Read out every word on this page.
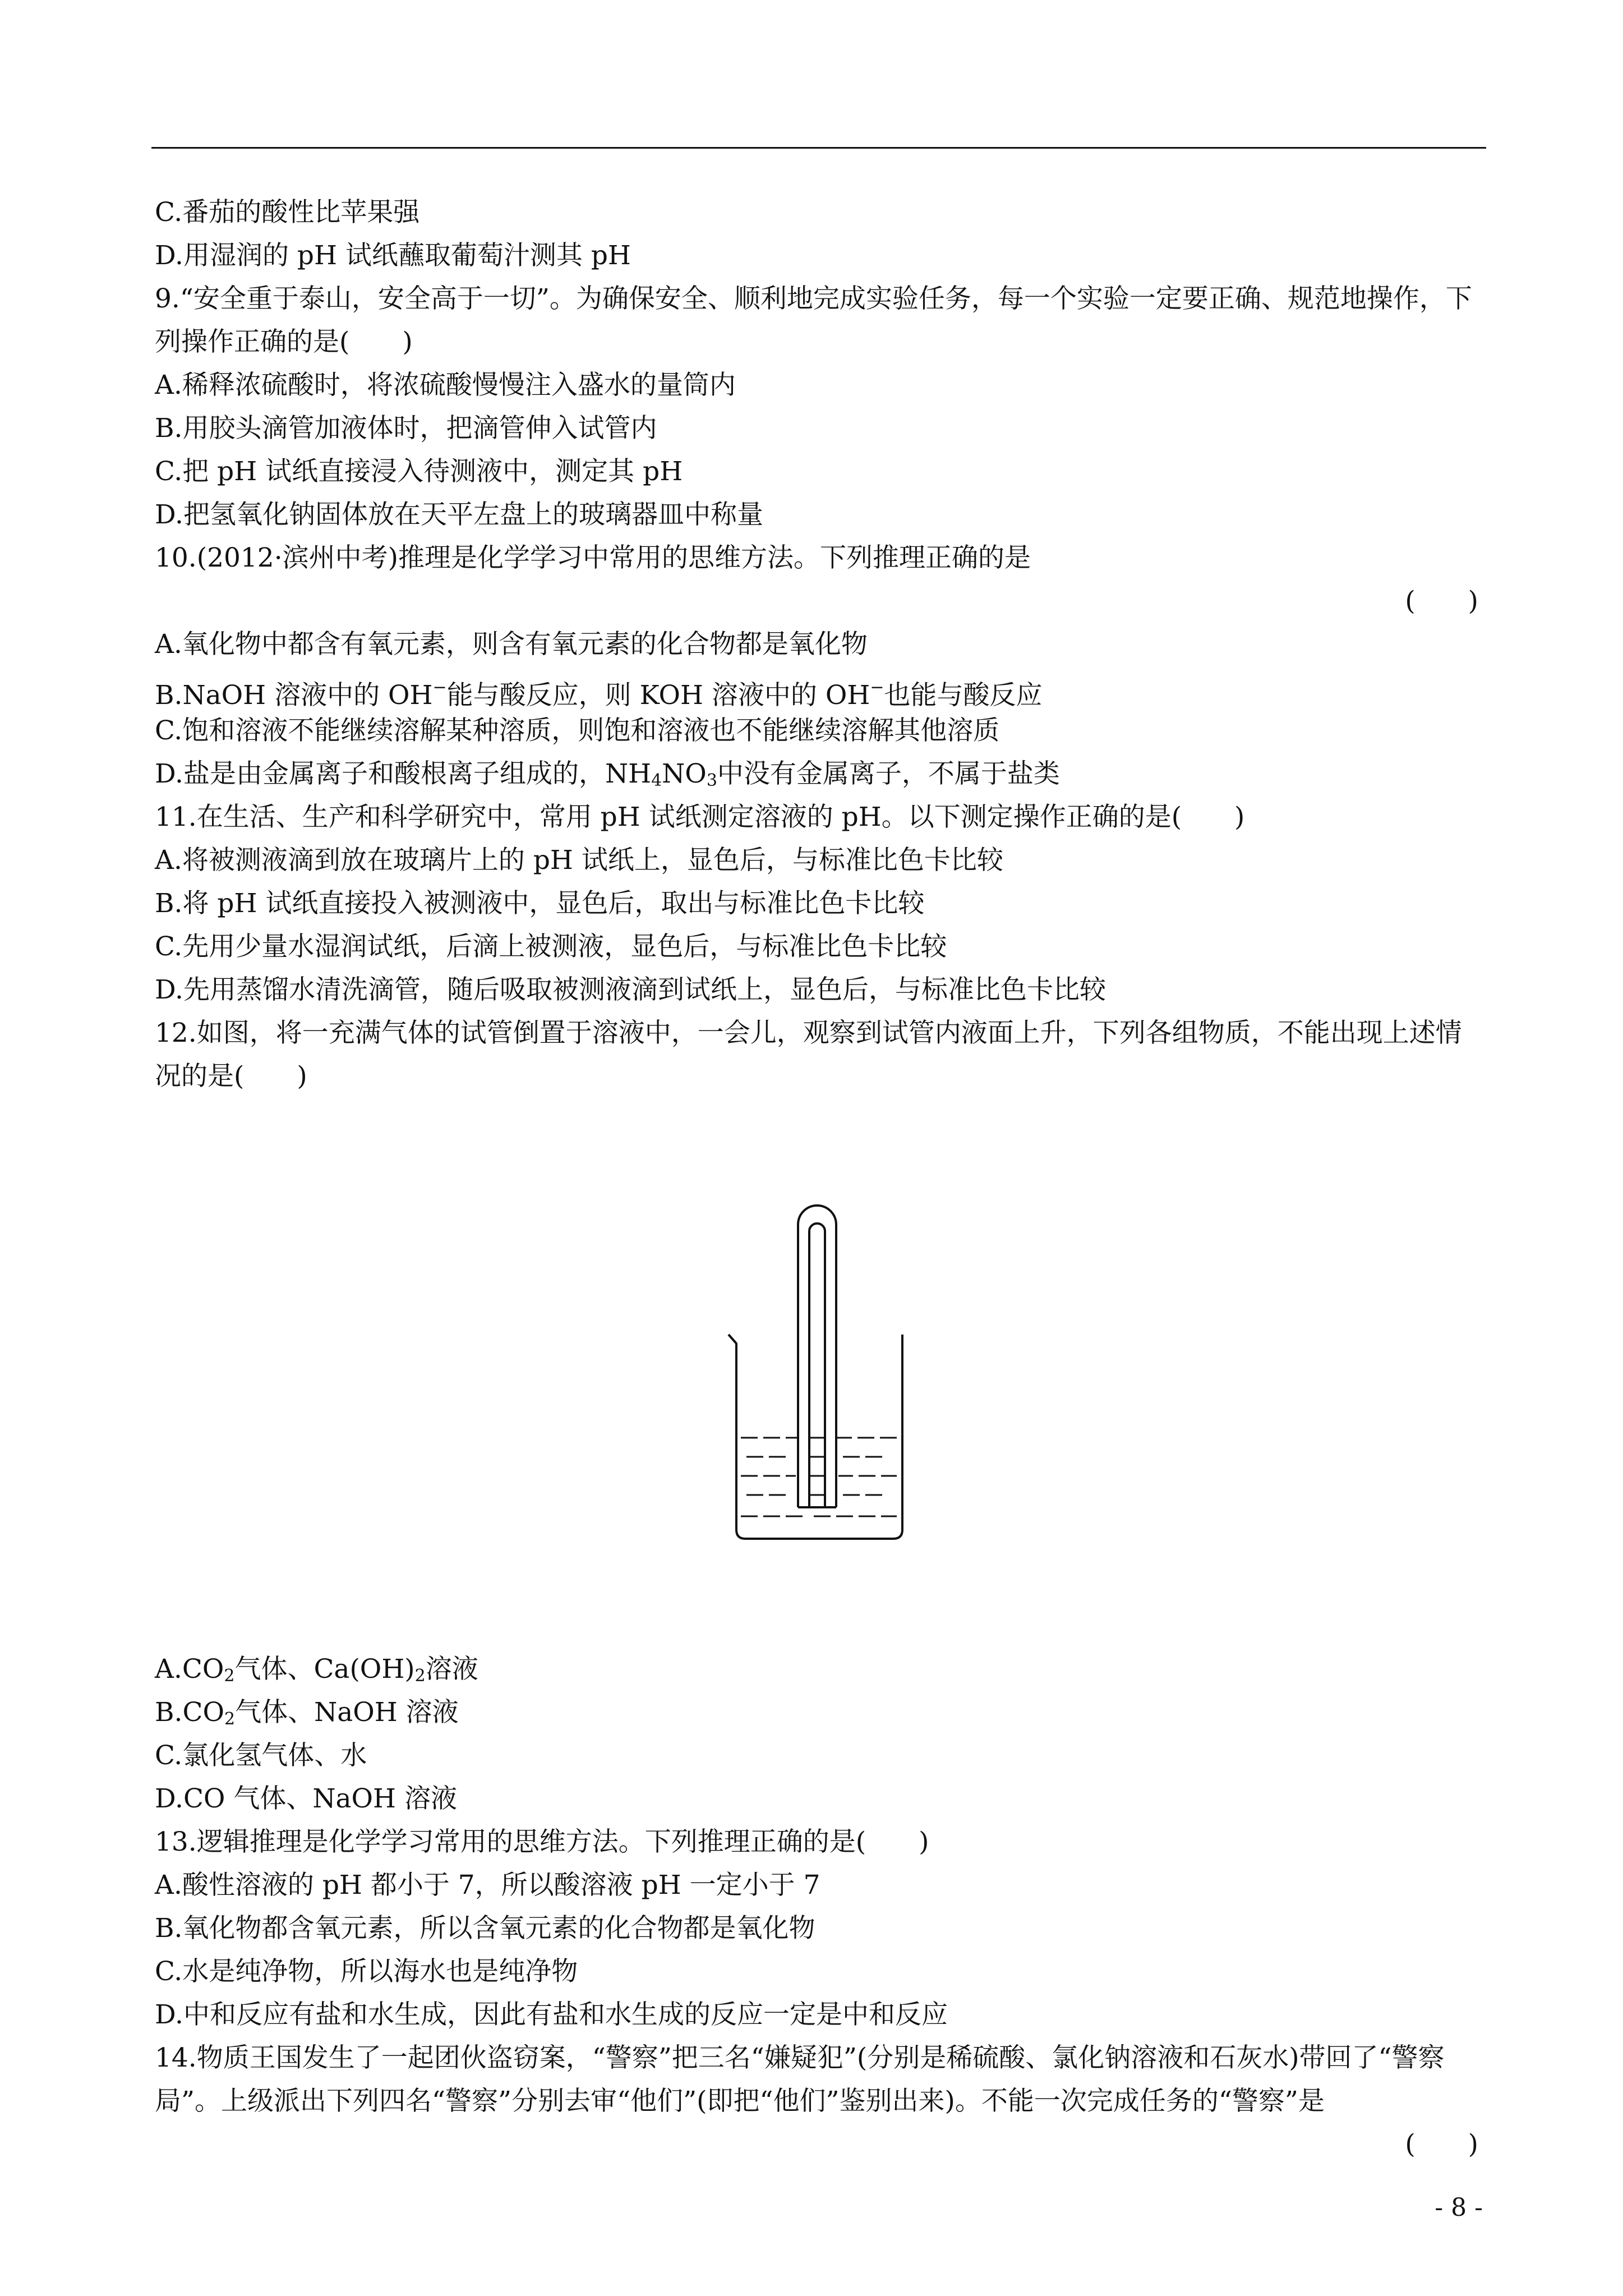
C.番茄的酸性比苹果强
D.用湿润的 pH 试纸蘸取葡萄汁测其 pH
9.“安全重于泰山，安全高于一切”。为确保安全、顺利地完成实验任务，每一个实验一定要正确、规范地操作，下列操作正确的是(　　)
A.稀释浓硫酸时，将浓硫酸慢慢注入盛水的量筒内
B.用胶头滴管加液体时，把滴管伸入试管内
C.把 pH 试纸直接浸入待测液中，测定其 pH
D.把氢氧化钠固体放在天平左盘上的玻璃器皿中称量
10.(2012·滨州中考)推理是化学学习中常用的思维方法。下列推理正确的是
(　　)
A.氧化物中都含有氧元素，则含有氧元素的化合物都是氧化物
B.NaOH 溶液中的 OH−能与酸反应，则 KOH 溶液中的 OH−也能与酸反应
C.饱和溶液不能继续溶解某种溶质，则饱和溶液也不能继续溶解其他溶质
D.盐是由金属离子和酸根离子组成的，$NH_4NO_3$中没有金属离子，不属于盐类
11.在生活、生产和科学研究中，常用 pH 试纸测定溶液的 pH。以下测定操作正确的是(　　)
A.将被测液滴到放在玻璃片上的 pH 试纸上，显色后，与标准比色卡比较
B.将 pH 试纸直接投入被测液中，显色后，取出与标准比色卡比较
C.先用少量水湿润试纸，后滴上被测液，显色后，与标准比色卡比较
D.先用蒸馏水清洗滴管，随后吸取被测液滴到试纸上，显色后，与标准比色卡比较
12.如图，将一充满气体的试管倒置于溶液中，一会儿，观察到试管内液面上升，下列各组物质，不能出现上述情况的是(　　)
$A.CO_2$气体、$Ca(OH)_2$溶液
$B.CO_2$气体、NaOH 溶液
C.氯化氢气体、水
D.CO 气体、NaOH 溶液
13.逻辑推理是化学学习常用的思维方法。下列推理正确的是(　　)
A.酸性溶液的 pH 都小于 7，所以酸溶液 pH 一定小于 7
B.氧化物都含氧元素，所以含氧元素的化合物都是氧化物
C.水是纯净物，所以海水也是纯净物
D.中和反应有盐和水生成，因此有盐和水生成的反应一定是中和反应
14.物质王国发生了一起团伙盗窃案，“警察”把三名“嫌疑犯”(分别是稀硫酸、氯化钠溶液和石灰水)带回了“警察局”。上级派出下列四名“警察”分别去审“他们”(即把“他们”鉴别出来)。不能一次完成任务的“警察”是
(　　)
- 8 -
